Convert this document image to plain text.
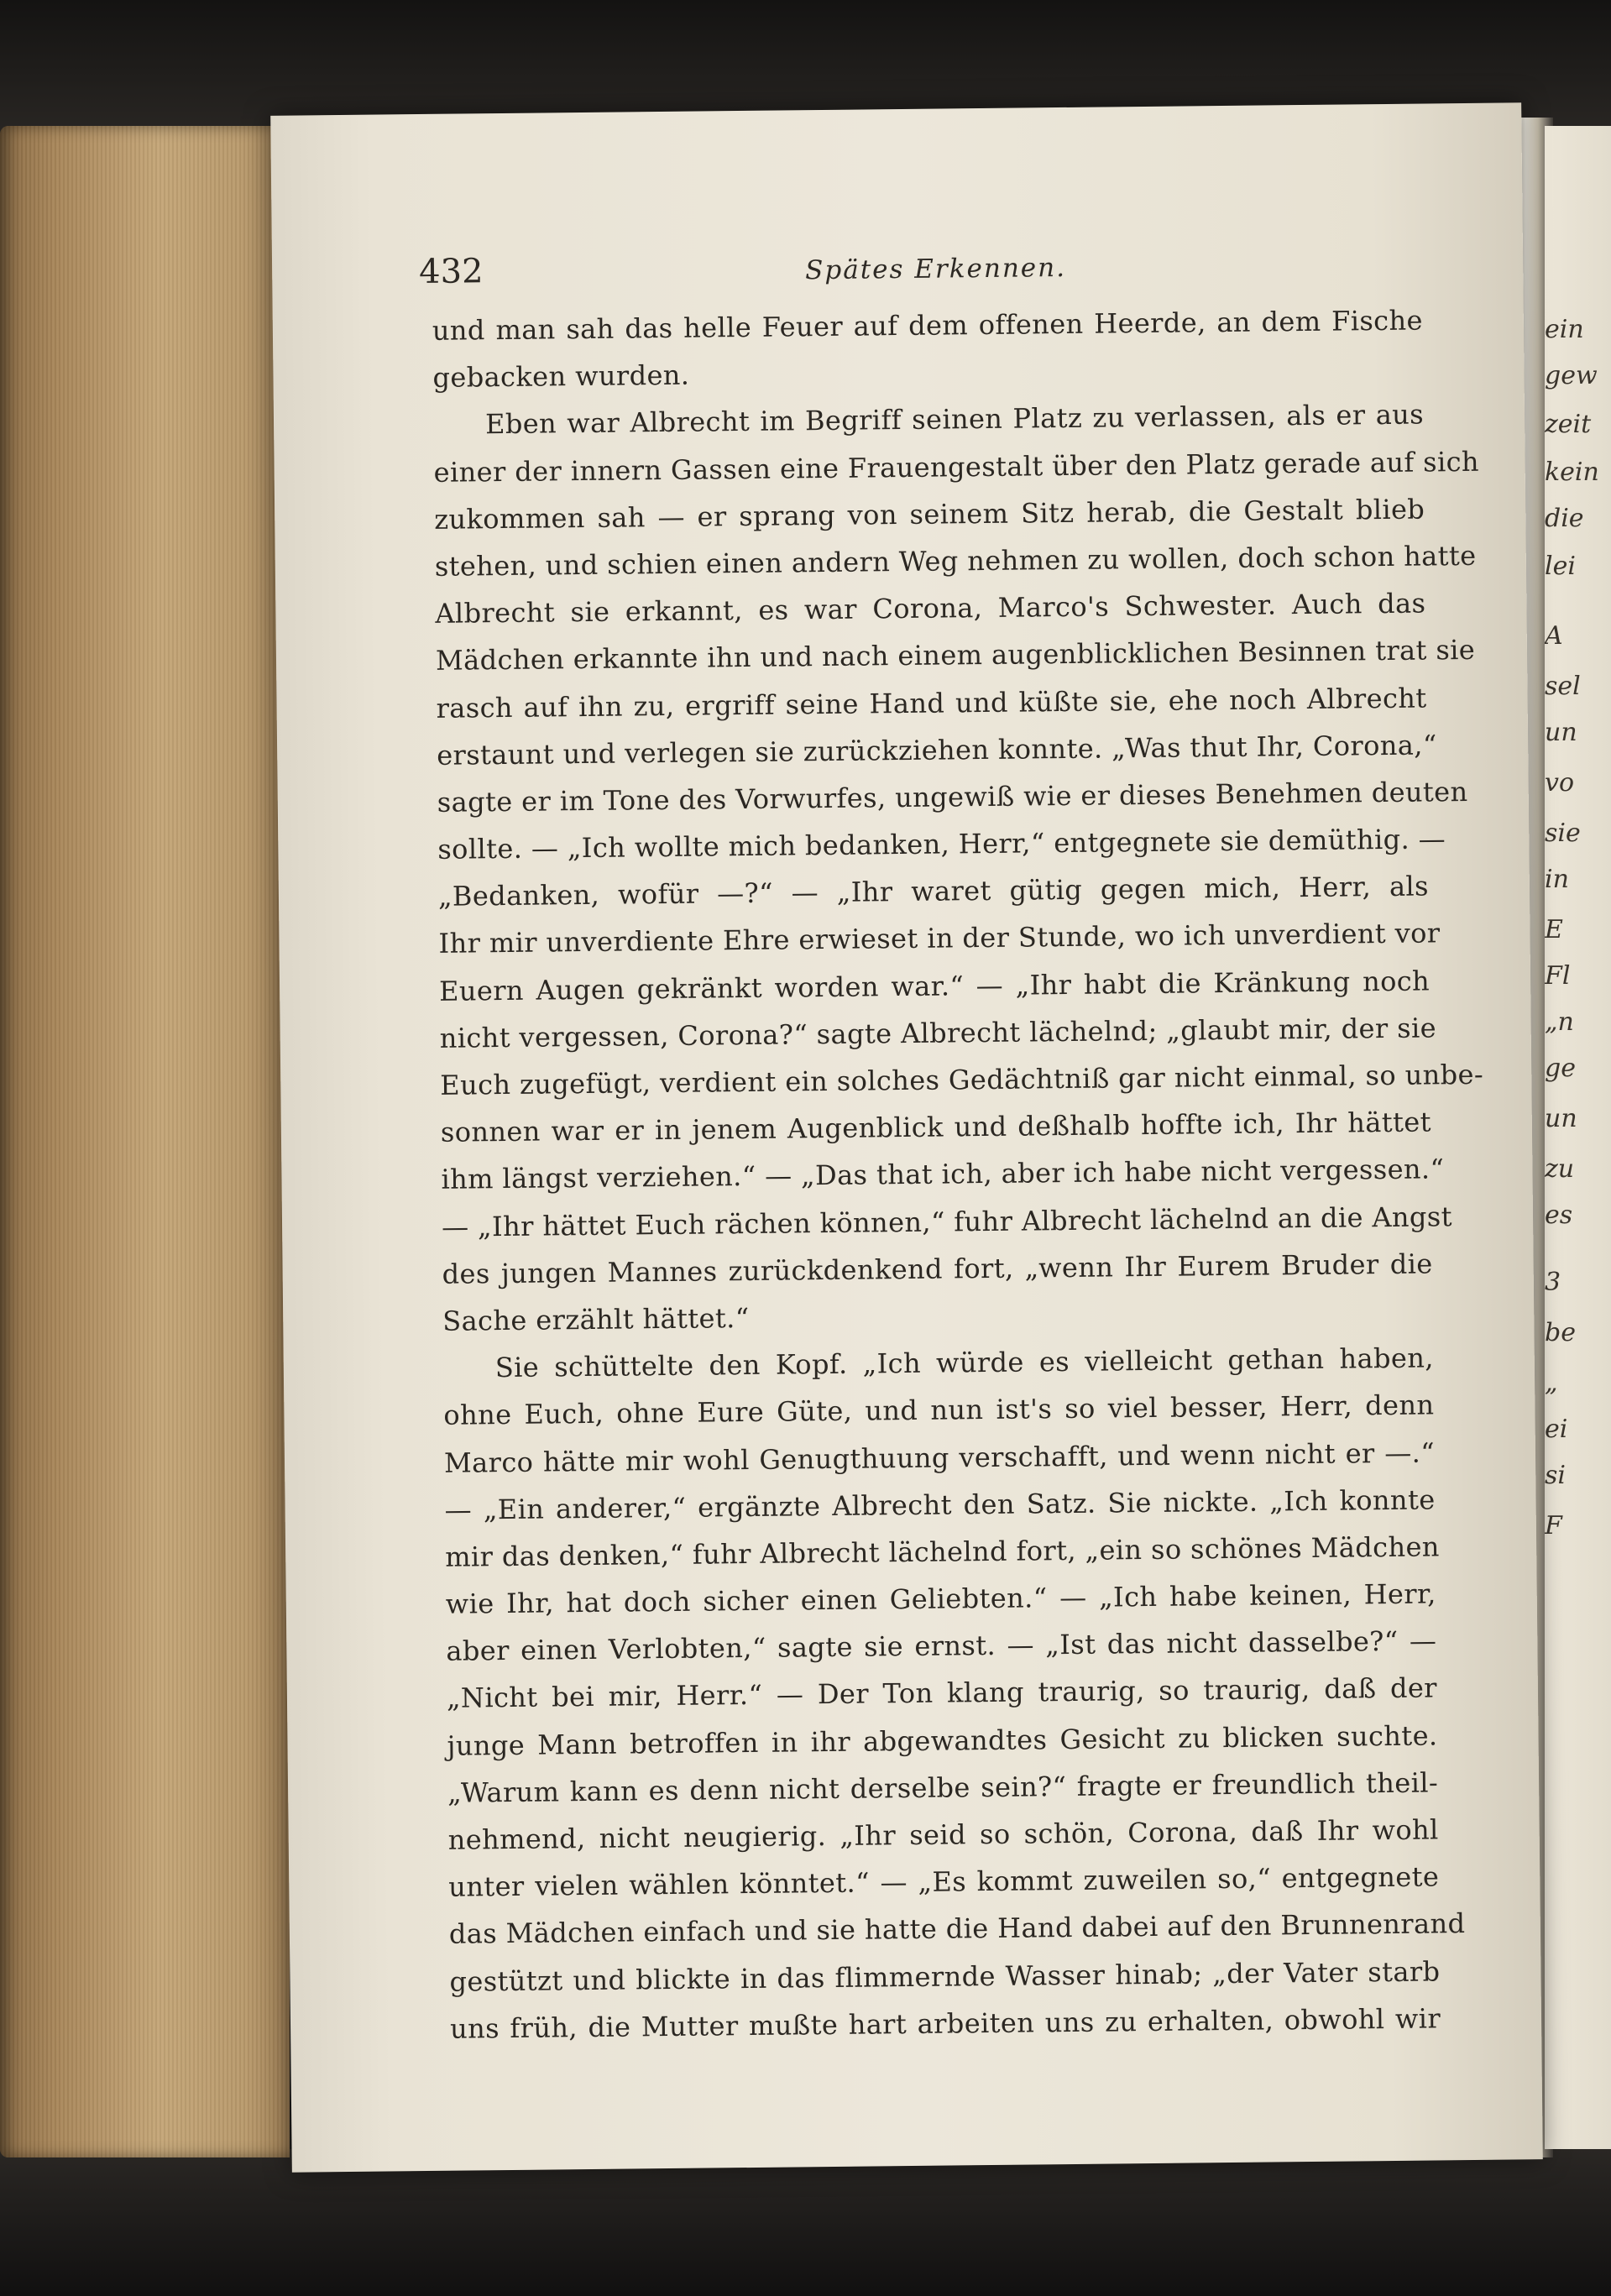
ein
gew
zeit
kein
die
lei
A
sel
un
vo
sie
in
E
Fl
„n
ge
un
zu
es
3
be
„
ei
si
F
432	Spätes Erkennen.
und man sah das helle Feuer auf dem offenen Heerde, an dem Fische
gebacken wurden.
Eben war Albrecht im Begriff seinen Platz zu verlassen, als er aus
einer der innern Gassen eine Frauengestalt über den Platz gerade auf sich
zukommen sah — er sprang von seinem Sitz herab, die Gestalt blieb
stehen, und schien einen andern Weg nehmen zu wollen, doch schon hatte
Albrecht sie erkannt, es war Corona, Marco's Schwester. Auch das
Mädchen erkannte ihn und nach einem augenblicklichen Besinnen trat sie
rasch auf ihn zu, ergriff seine Hand und küßte sie, ehe noch Albrecht
erstaunt und verlegen sie zurückziehen konnte. „Was thut Ihr, Corona,“
sagte er im Tone des Vorwurfes, ungewiß wie er dieses Benehmen deuten
sollte. — „Ich wollte mich bedanken, Herr,“ entgegnete sie demüthig. —
„Bedanken, wofür —?“ — „Ihr waret gütig gegen mich, Herr, als
Ihr mir unverdiente Ehre erwieset in der Stunde, wo ich unverdient vor
Euern Augen gekränkt worden war.“ — „Ihr habt die Kränkung noch
nicht vergessen, Corona?“ sagte Albrecht lächelnd; „glaubt mir, der sie
Euch zugefügt, verdient ein solches Gedächtniß gar nicht einmal, so unbe-
sonnen war er in jenem Augenblick und deßhalb hoffte ich, Ihr hättet
ihm längst verziehen.“ — „Das that ich, aber ich habe nicht vergessen.“
— „Ihr hättet Euch rächen können,“ fuhr Albrecht lächelnd an die Angst
des jungen Mannes zurückdenkend fort, „wenn Ihr Eurem Bruder die
Sache erzählt hättet.“
Sie schüttelte den Kopf. „Ich würde es vielleicht gethan haben,
ohne Euch, ohne Eure Güte, und nun ist's so viel besser, Herr, denn
Marco hätte mir wohl Genugthuung verschafft, und wenn nicht er —.“
— „Ein anderer,“ ergänzte Albrecht den Satz. Sie nickte. „Ich konnte
mir das denken,“ fuhr Albrecht lächelnd fort, „ein so schönes Mädchen
wie Ihr, hat doch sicher einen Geliebten.“ — „Ich habe keinen, Herr,
aber einen Verlobten,“ sagte sie ernst. — „Ist das nicht dasselbe?“ —
„Nicht bei mir, Herr.“ — Der Ton klang traurig, so traurig, daß der
junge Mann betroffen in ihr abgewandtes Gesicht zu blicken suchte.
„Warum kann es denn nicht derselbe sein?“ fragte er freundlich theil-
nehmend, nicht neugierig. „Ihr seid so schön, Corona, daß Ihr wohl
unter vielen wählen könntet.“ — „Es kommt zuweilen so,“ entgegnete
das Mädchen einfach und sie hatte die Hand dabei auf den Brunnenrand
gestützt und blickte in das flimmernde Wasser hinab; „der Vater starb
uns früh, die Mutter mußte hart arbeiten uns zu erhalten, obwohl wir
